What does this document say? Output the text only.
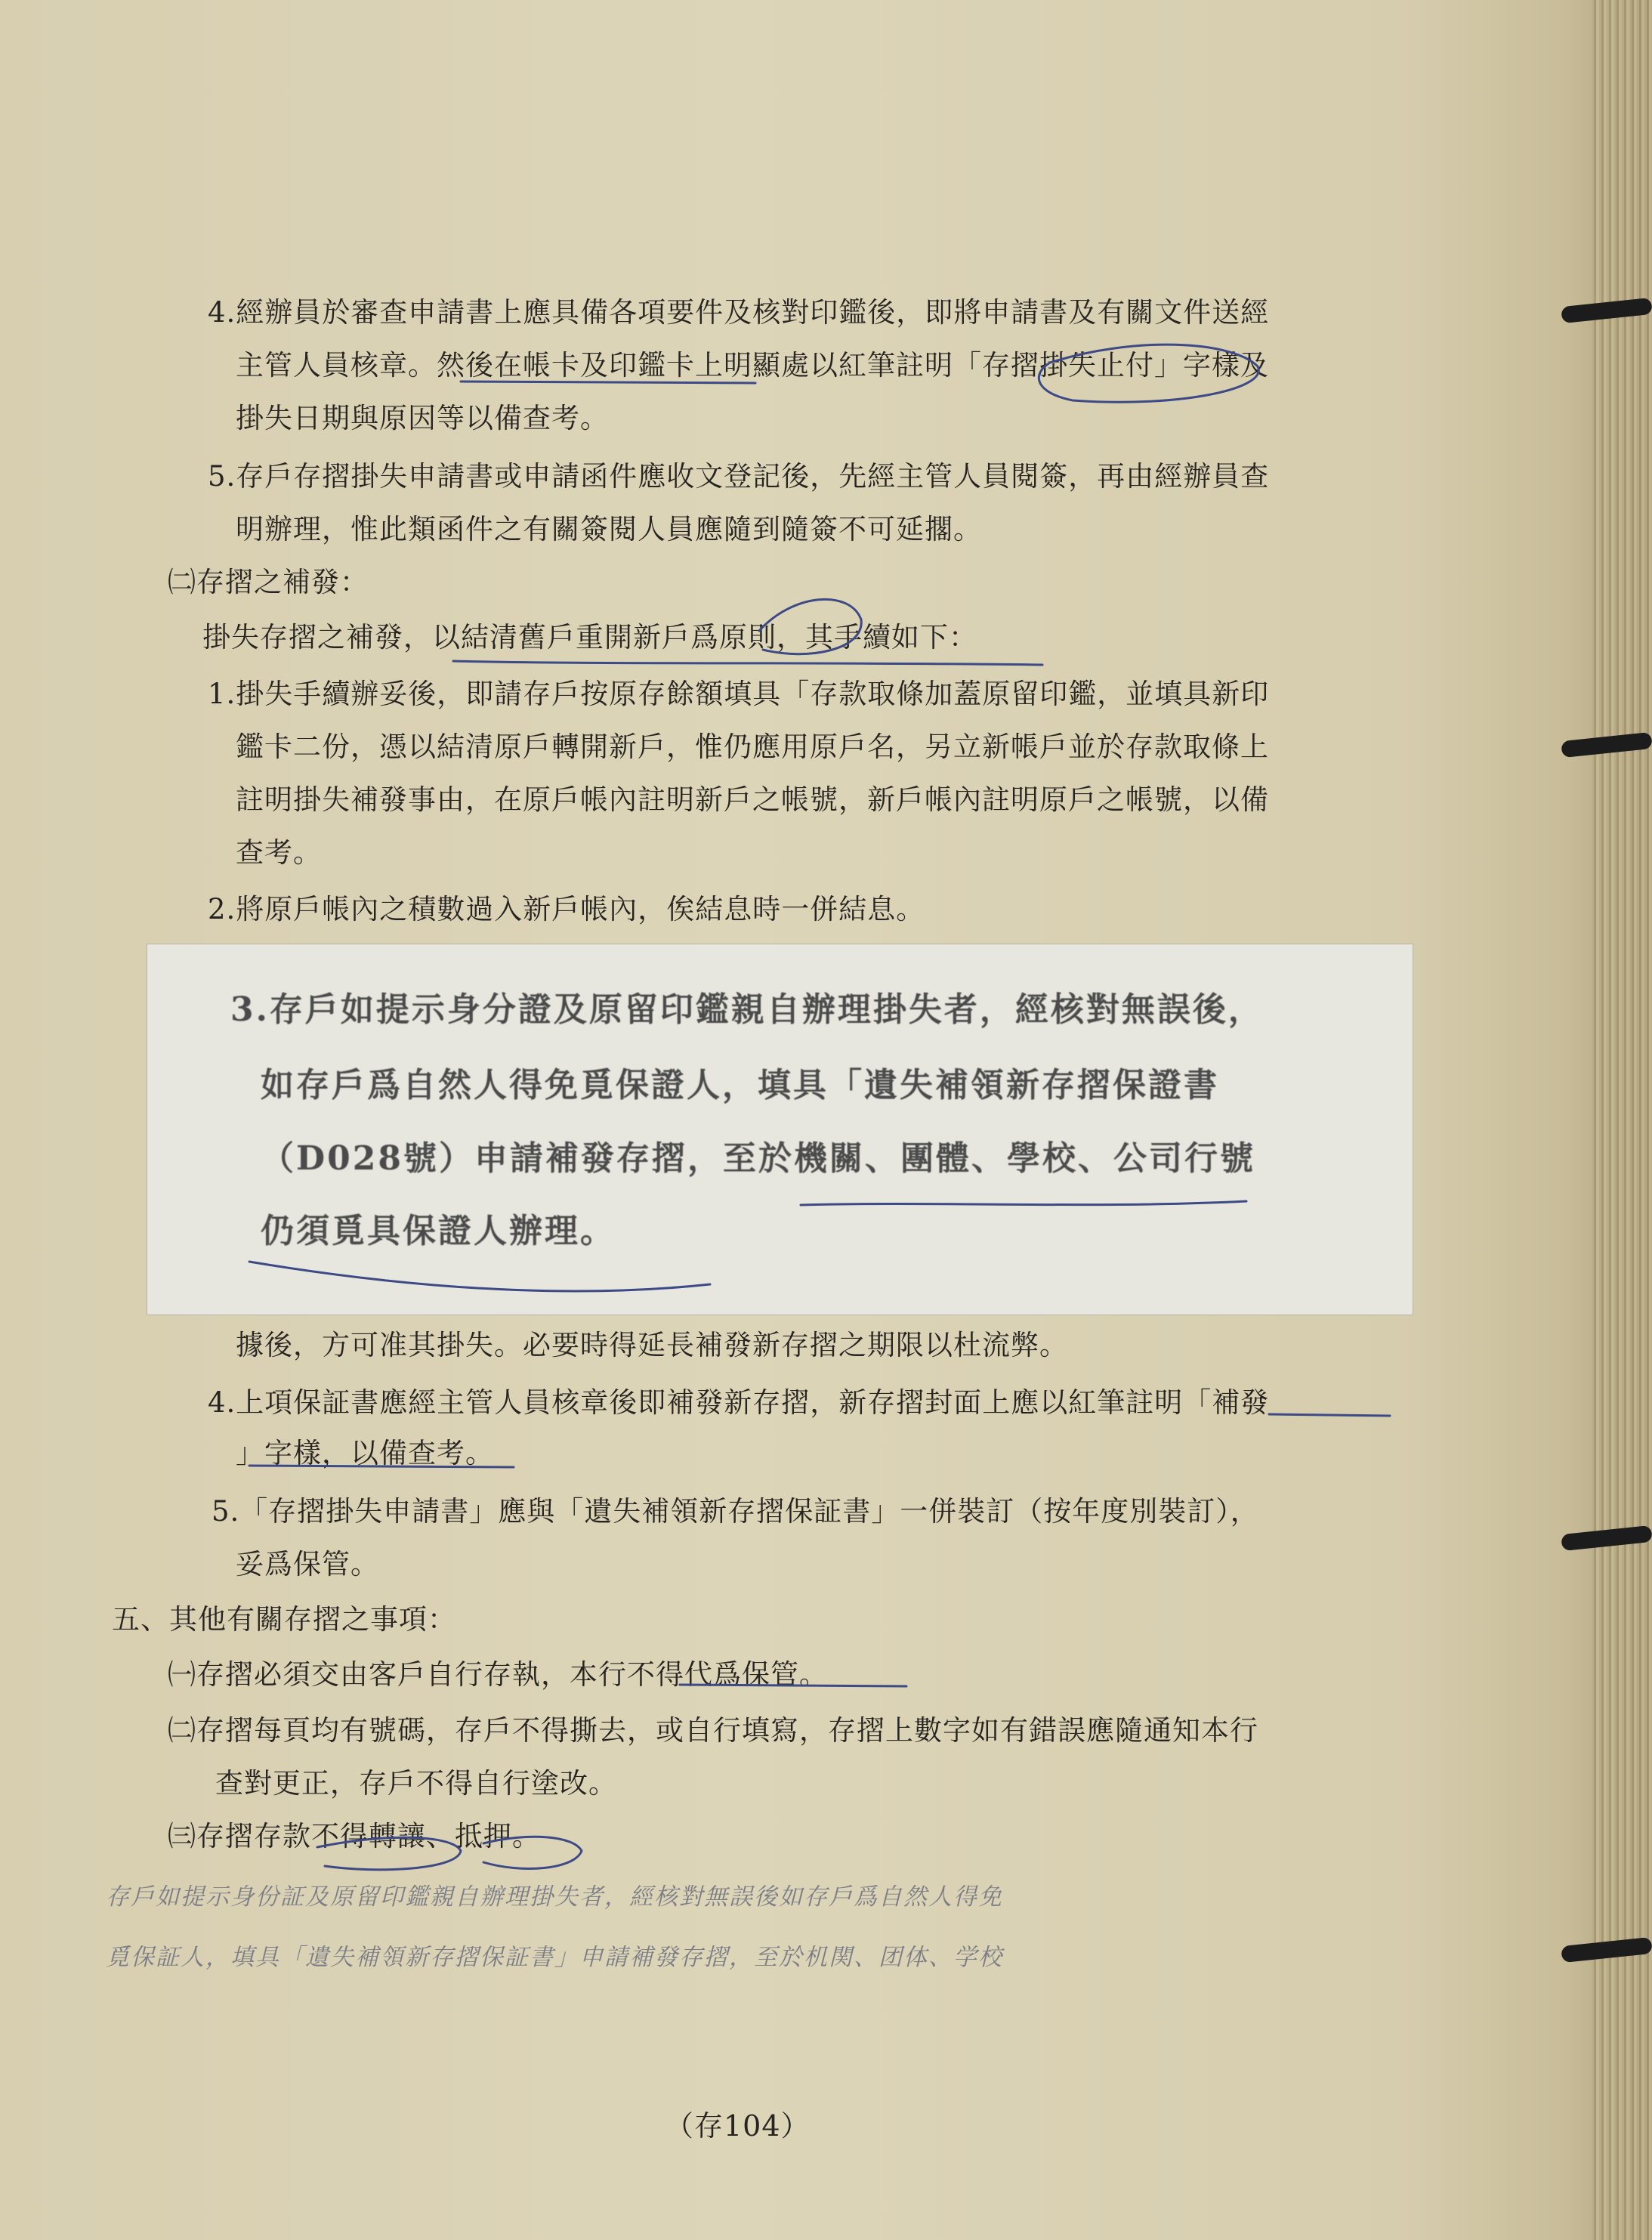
4.經辦員於審查申請書上應具備各項要件及核對印鑑後，即將申請書及有關文件送經
主管人員核章。然後在帳卡及印鑑卡上明顯處以紅筆註明「存摺掛失止付」字樣及
掛失日期與原因等以備查考。
5.存戶存摺掛失申請書或申請函件應收文登記後，先經主管人員閱簽，再由經辦員查
明辦理，惟此類函件之有關簽閱人員應隨到隨簽不可延擱。
㈡存摺之補發：
掛失存摺之補發，以結清舊戶重開新戶爲原則，其手續如下：
1.掛失手續辦妥後，即請存戶按原存餘額填具「存款取條加蓋原留印鑑，並填具新印
鑑卡二份，憑以結清原戶轉開新戶，惟仍應用原戶名，另立新帳戶並於存款取條上
註明掛失補發事由，在原戶帳內註明新戶之帳號，新戶帳內註明原戶之帳號，以備
查考。
2.將原戶帳內之積數過入新戶帳內，俟結息時一併結息。
3.存戶如提示身分證及原留印鑑親自辦理掛失者，經核對無誤後，
如存戶爲自然人得免覓保證人，填具「遺失補領新存摺保證書
（D028號）申請補發存摺，至於機關、團體、學校、公司行號
仍須覓具保證人辦理。
據後，方可准其掛失。必要時得延長補發新存摺之期限以杜流弊。
4.上項保証書應經主管人員核章後即補發新存摺，新存摺封面上應以紅筆註明「補發
」字樣，以備查考。
5.「存摺掛失申請書」應與「遺失補領新存摺保証書」一併裝訂（按年度別裝訂），
妥爲保管。
五、其他有關存摺之事項：
㈠存摺必須交由客戶自行存執，本行不得代爲保管。
㈡存摺每頁均有號碼，存戶不得撕去，或自行填寫，存摺上數字如有錯誤應隨通知本行
查對更正，存戶不得自行塗改。
㈢存摺存款不得轉讓、抵押。
存戶如提示身份証及原留印鑑親自辦理掛失者，經核對無誤後如存戶爲自然人得免
覓保証人，填具「遺失補領新存摺保証書」申請補發存摺，至於机関、团体、学校
（存104）
